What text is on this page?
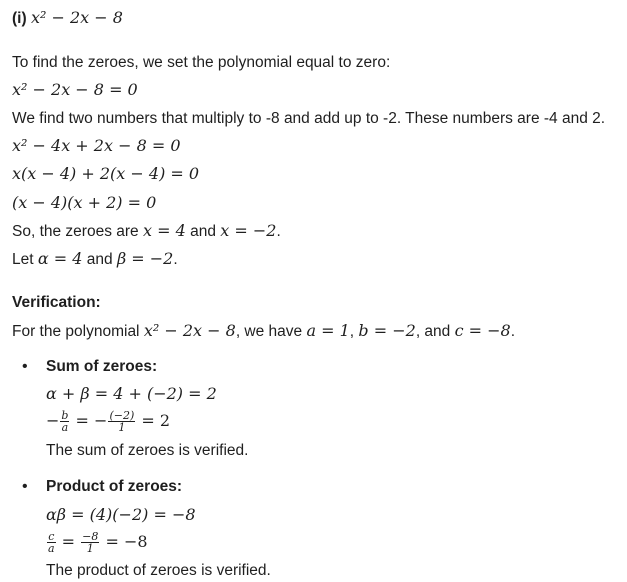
(i) x² − 2x − 8
To find the zeroes, we set the polynomial equal to zero:
x² − 2x − 8 = 0
We find two numbers that multiply to -8 and add up to -2. These numbers are -4 and 2.
x² − 4x + 2x − 8 = 0
x(x − 4) + 2(x − 4) = 0
(x − 4)(x + 2) = 0
So, the zeroes are x = 4 and x = −2.
Let α = 4 and β = −2.
Verification:
For the polynomial x² − 2x − 8, we have a = 1, b = −2, and c = −8.
• Sum of zeroes:
α + β = 4 + (−2) = 2
− $\frac{b}{a}$ = − $\frac{(-2)}{1} = 2$
The sum of zeroes is verified.
• Product of zeroes:
αβ = (4)(−2) = −8
$\frac{c}{a} = \frac{-8}{1} = -8$
The product of zeroes is verified.
